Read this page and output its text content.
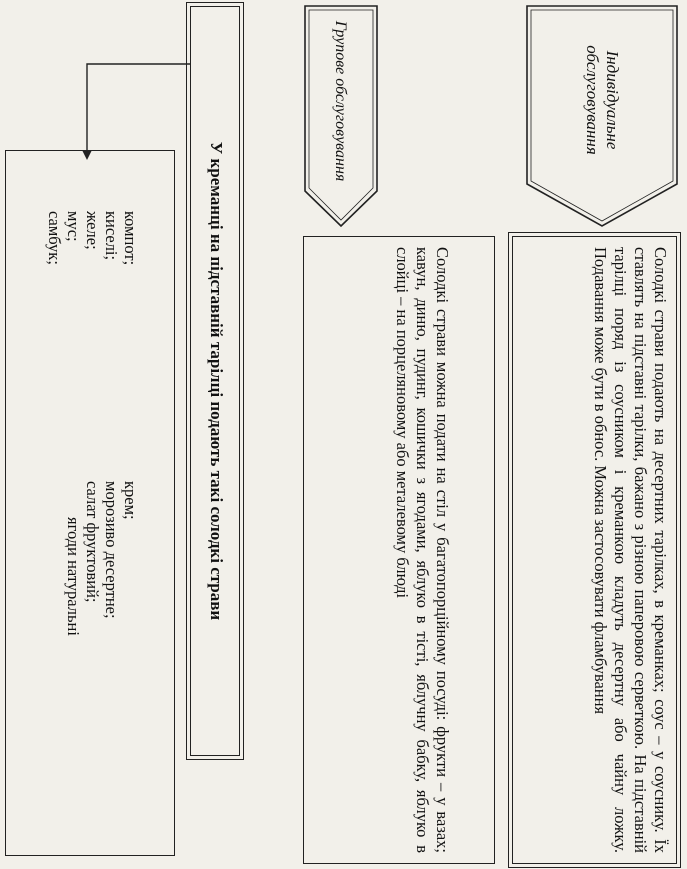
Індивідуальне обслуговування
Групове обслуговування
Солодкі страви подають на десертних тарілках, в креманках; соус – у соуснику. Їх ставлять на підставні тарілки, бажано з різною паперовою серветкою. На підставній тарілці поряд із соусником і креманкою кладуть десертну або чайну ложку. Подавання може бути в обнос. Можна застосовувати фламбування
Солодкі страви можна подати на стіл у багатопорційному посуді: фрукти – у вазах; кавун, диню, пудинг, кошички з ягодами, яблуко в тісті, яблучну бабку, яблуко в слойці – на порцеляновому або металевому блюді
У креманці на підставній тарілці подають такі солодкі страви
компот;
киселі;
желе;
мус;
самбук;
крем;
морозиво десертне;
салат фруктовий;
ягоди натуральні
